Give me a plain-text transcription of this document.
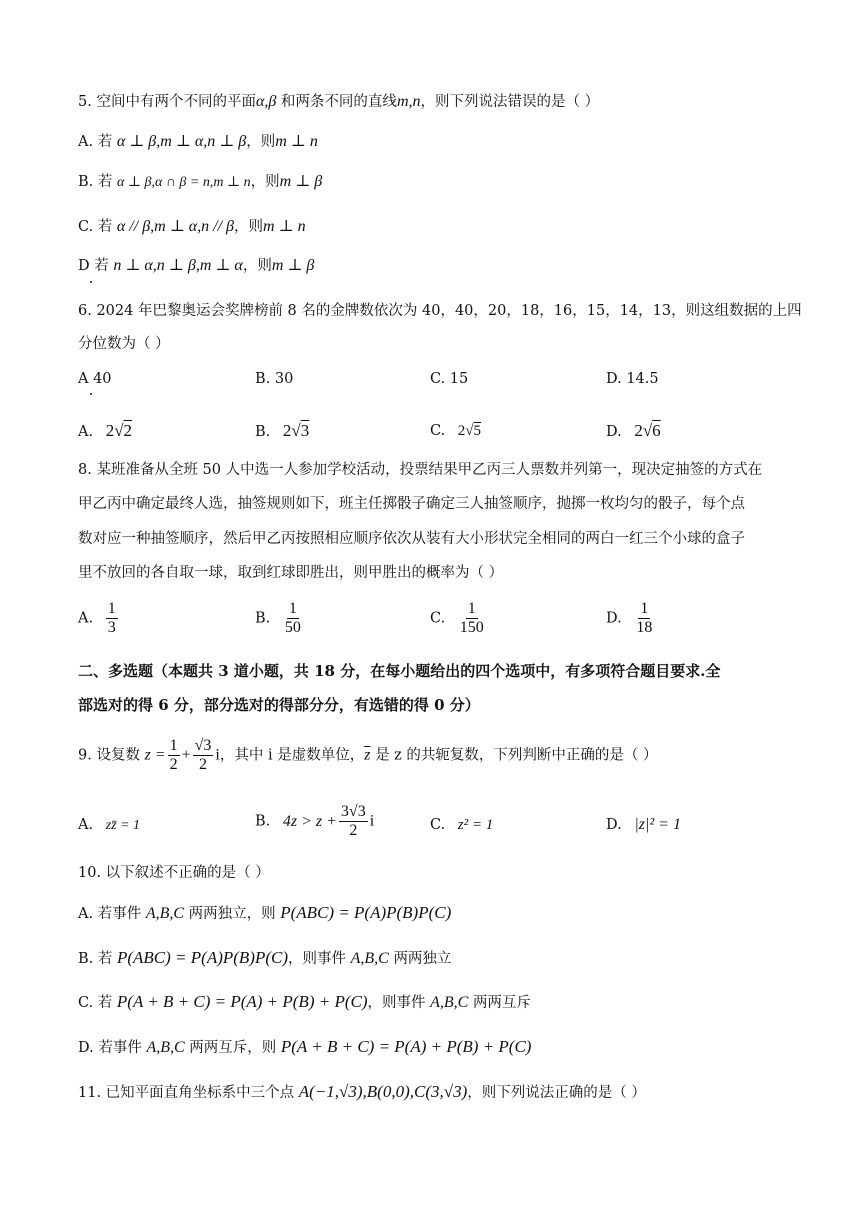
5. 空间中有两个不同的平面α,β 和两条不同的直线m,n，则下列说法错误的是（ ）
A. 若 α ⊥ β,m ⊥ α,n ⊥ β，则m ⊥ n
B. 若 α ⊥ β,α ∩ β = n,m ⊥ n，则m ⊥ β
C. 若 α // β,m ⊥ α,n // β，则m ⊥ n
D 若 n ⊥ α,n ⊥ β,m ⊥ α，则m ⊥ β
6. 2024 年巴黎奥运会奖牌榜前 8 名的金牌数依次为 40，40，20，18，16，15，14，13，则这组数据的上四
分位数为（ ）
A 40	B. 30	C. 15	D. 14.5
A. 2√2	B. 2√3	C. 2√5	D. 2√6
8. 某班准备从全班 50 人中选一人参加学校活动，投票结果甲乙丙三人票数并列第一，现决定抽签的方式在
甲乙丙中确定最终人选，抽签规则如下，班主任掷骰子确定三人抽签顺序，抛掷一枚均匀的骰子，每个点
数对应一种抽签顺序，然后甲乙丙按照相应顺序依次从装有大小形状完全相同的两白一红三个小球的盒子
里不放回的各自取一球，取到红球即胜出，则甲胜出的概率为（ ）
A. $\frac{1}{3}$	B. $\frac{1}{50}$	C. $\frac{1}{150}$	D. $\frac{1}{18}$
二、多选题（本题共 3 道小题，共 18 分，在每小题给出的四个选项中，有多项符合题目要求.全
部选对的得 6 分，部分选对的得部分分，有选错的得 0 分）
9. 设复数 $z = \frac{1}{2} + \frac{√3}{2}$ i，其中 i 是虚数单位，$\overline{z}$ 是 z 的共轭复数，下列判断中正确的是（ ）
A. zz̄ = 1	B. $4z > z + \frac{3√3}{2}$ i	C. z² = 1	D. |z|² = 1
10. 以下叙述不正确的是（ ）
A. 若事件 A,B,C 两两独立，则 P(ABC) = P(A)P(B)P(C)
B. 若 P(ABC) = P(A)P(B)P(C)，则事件 A,B,C 两两独立
C. 若 P(A + B + C) = P(A) + P(B) + P(C)，则事件 A,B,C 两两互斥
D. 若事件 A,B,C 两两互斥，则 P(A + B + C) = P(A) + P(B) + P(C)
11. 已知平面直角坐标系中三个点 A(−1,√3),B(0,0),C(3,√3)，则下列说法正确的是（ ）
